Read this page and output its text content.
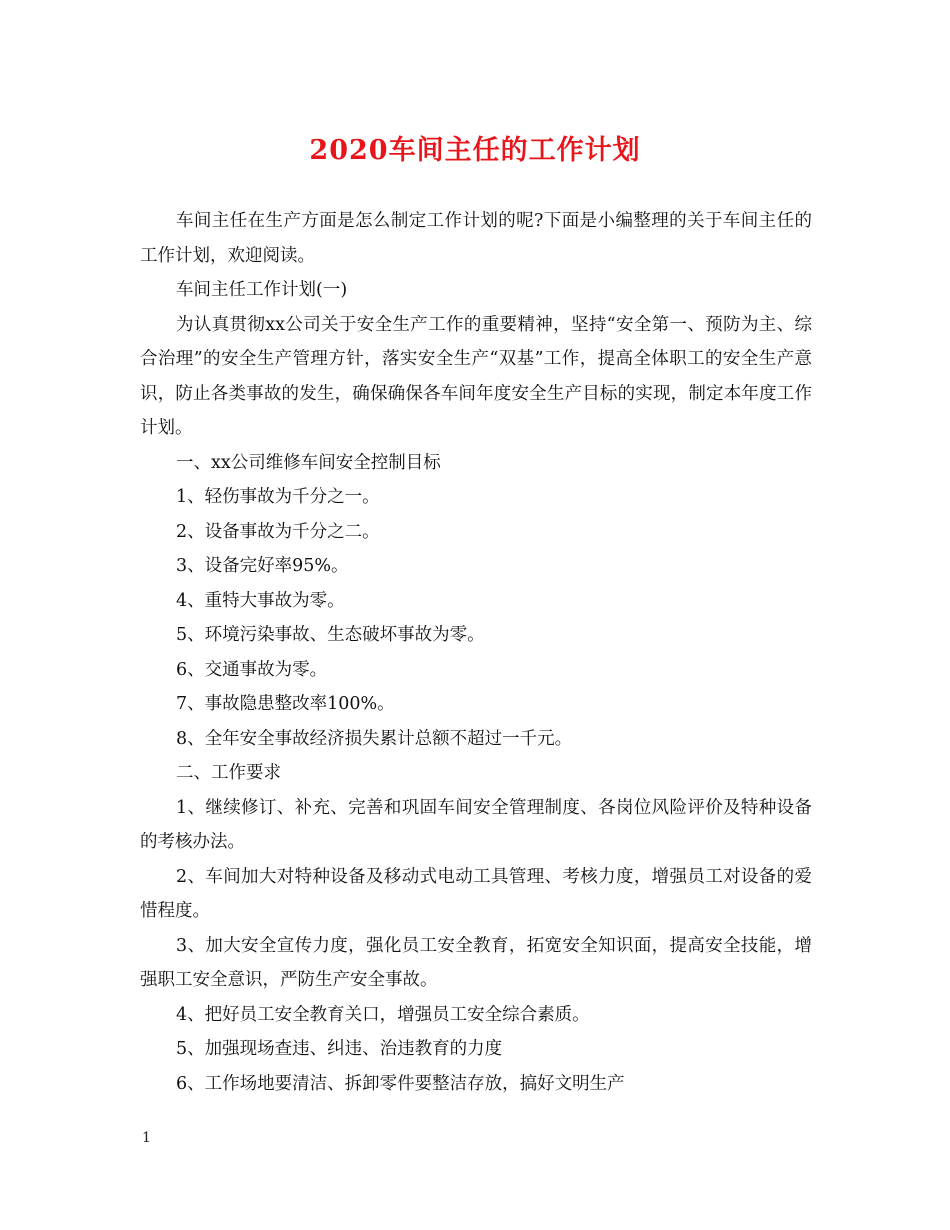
2020车间主任的工作计划

车间主任在生产方面是怎么制定工作计划的呢?下面是小编整理的关于车间主任的工作计划，欢迎阅读。

车间主任工作计划(一)

为认真贯彻xx公司关于安全生产工作的重要精神，坚持“安全第一、预防为主、综合治理”的安全生产管理方针，落实安全生产“双基”工作，提高全体职工的安全生产意识，防止各类事故的发生，确保确保各车间年度安全生产目标的实现，制定本年度工作计划。

一、xx公司维修车间安全控制目标

1、轻伤事故为千分之一。

2、设备事故为千分之二。

3、设备完好率95%。

4、重特大事故为零。

5、环境污染事故、生态破坏事故为零。

6、交通事故为零。

7、事故隐患整改率100%。

8、全年安全事故经济损失累计总额不超过一千元。

二、工作要求

1、继续修订、补充、完善和巩固车间安全管理制度、各岗位风险评价及特种设备的考核办法。

2、车间加大对特种设备及移动式电动工具管理、考核力度，增强员工对设备的爱惜程度。

3、加大安全宣传力度，强化员工安全教育，拓宽安全知识面，提高安全技能，增强职工安全意识，严防生产安全事故。

4、把好员工安全教育关口，增强员工安全综合素质。

5、加强现场查违、纠违、治违教育的力度

6、工作场地要清洁、拆卸零件要整洁存放，搞好文明生产

1
